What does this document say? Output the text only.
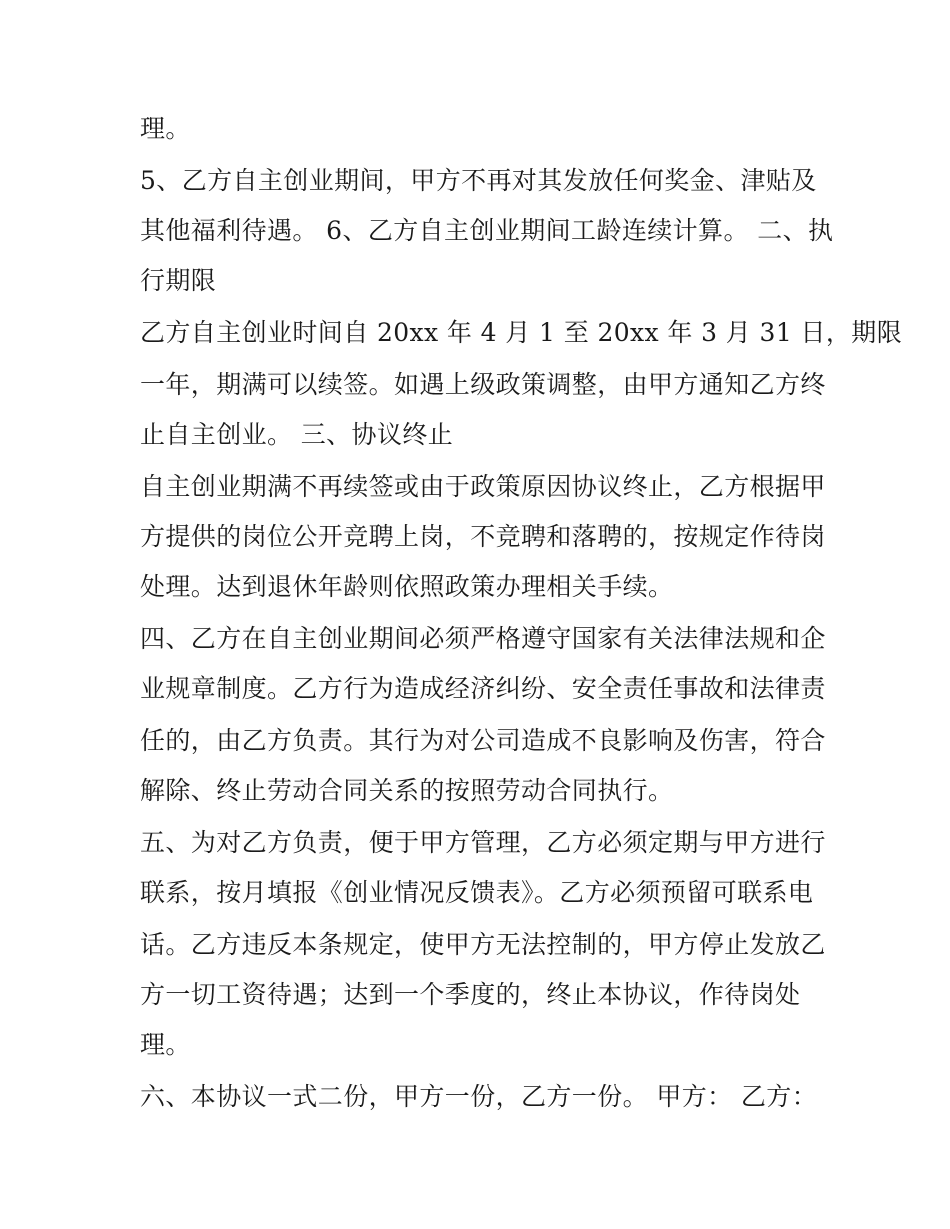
理。
5、乙方自主创业期间，甲方不再对其发放任何奖金、津贴及
其他福利待遇。 6、乙方自主创业期间工龄连续计算。 二、执
行期限
乙方自主创业时间自 20xx 年 4 月 1 至 20xx 年 3 月 31 日，期限
一年，期满可以续签。如遇上级政策调整，由甲方通知乙方终
止自主创业。 三、协议终止
自主创业期满不再续签或由于政策原因协议终止，乙方根据甲
方提供的岗位公开竞聘上岗，不竞聘和落聘的，按规定作待岗
处理。达到退休年龄则依照政策办理相关手续。
四、乙方在自主创业期间必须严格遵守国家有关法律法规和企
业规章制度。乙方行为造成经济纠纷、安全责任事故和法律责
任的，由乙方负责。其行为对公司造成不良影响及伤害，符合
解除、终止劳动合同关系的按照劳动合同执行。
五、为对乙方负责，便于甲方管理，乙方必须定期与甲方进行
联系，按月填报《创业情况反馈表》。乙方必须预留可联系电
话。乙方违反本条规定，使甲方无法控制的，甲方停止发放乙
方一切工资待遇；达到一个季度的，终止本协议，作待岗处
理。
六、本协议一式二份，甲方一份，乙方一份。 甲方： 乙方：
